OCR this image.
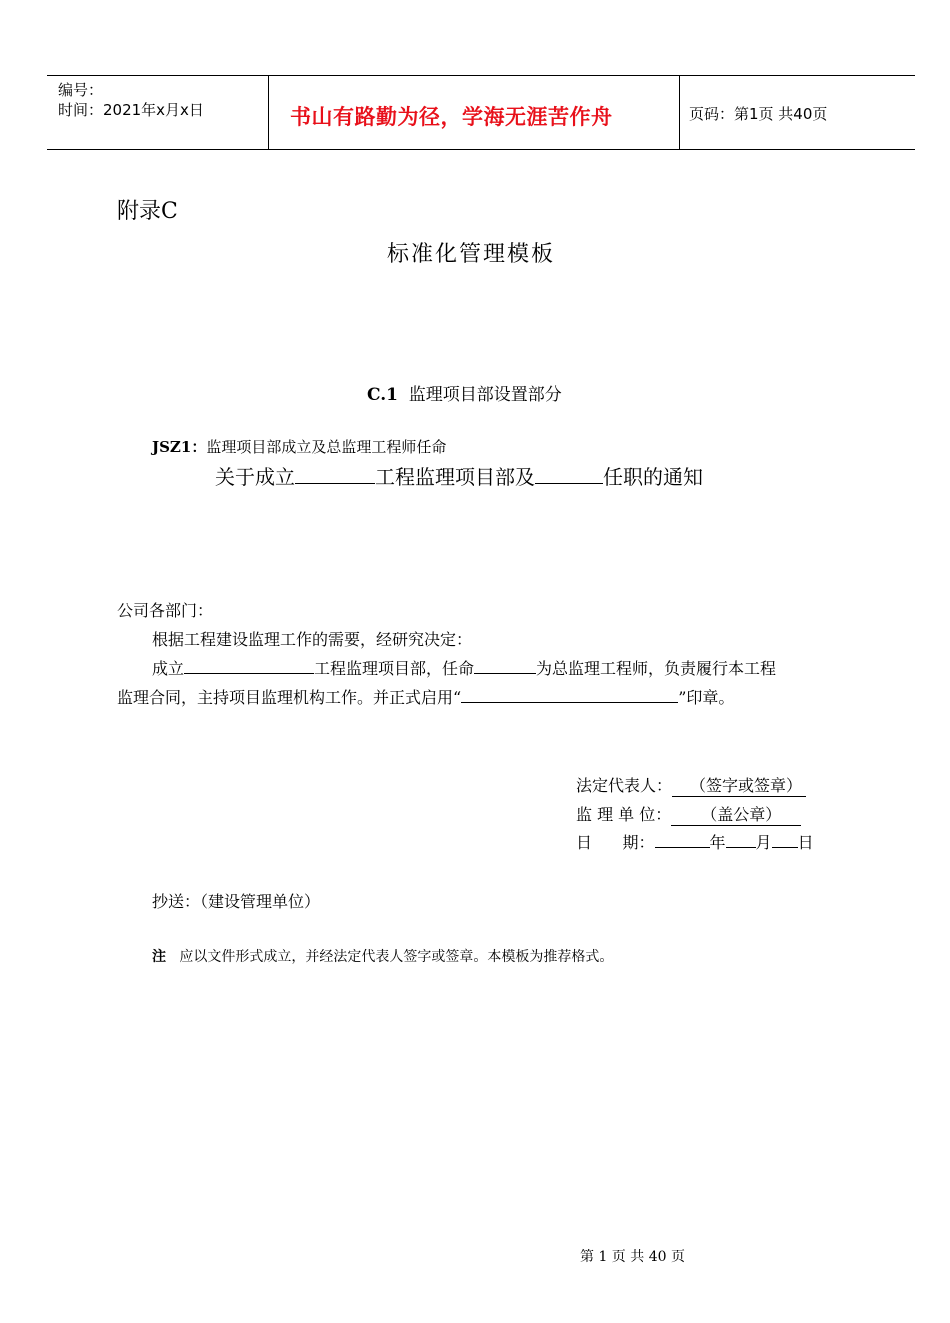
编号：
时间：2021年x月x日	书山有路勤为径，学海无涯苦作舟	页码：第1页 共40页
附录C
标准化管理模板
C.1 监理项目部设置部分
JSZ1：监理项目部成立及总监理工程师任命
关于成立	工程监理项目部及	任职的通知
公司各部门：
根据工程建设监理工作的需要，经研究决定：
成立	工程监理项目部，任命	为总监理工程师，负责履行本工程
监理合同，主持项目监理机构工作。并正式启用“	”印章。
法定代表人： （签字或签章）
监 理 单 位： （盖公章）
日      期：	年 月 日
抄送：（建设管理单位）
注 应以文件形式成立，并经法定代表人签字或签章。本模板为推荐格式。
第 1 页 共 40 页
